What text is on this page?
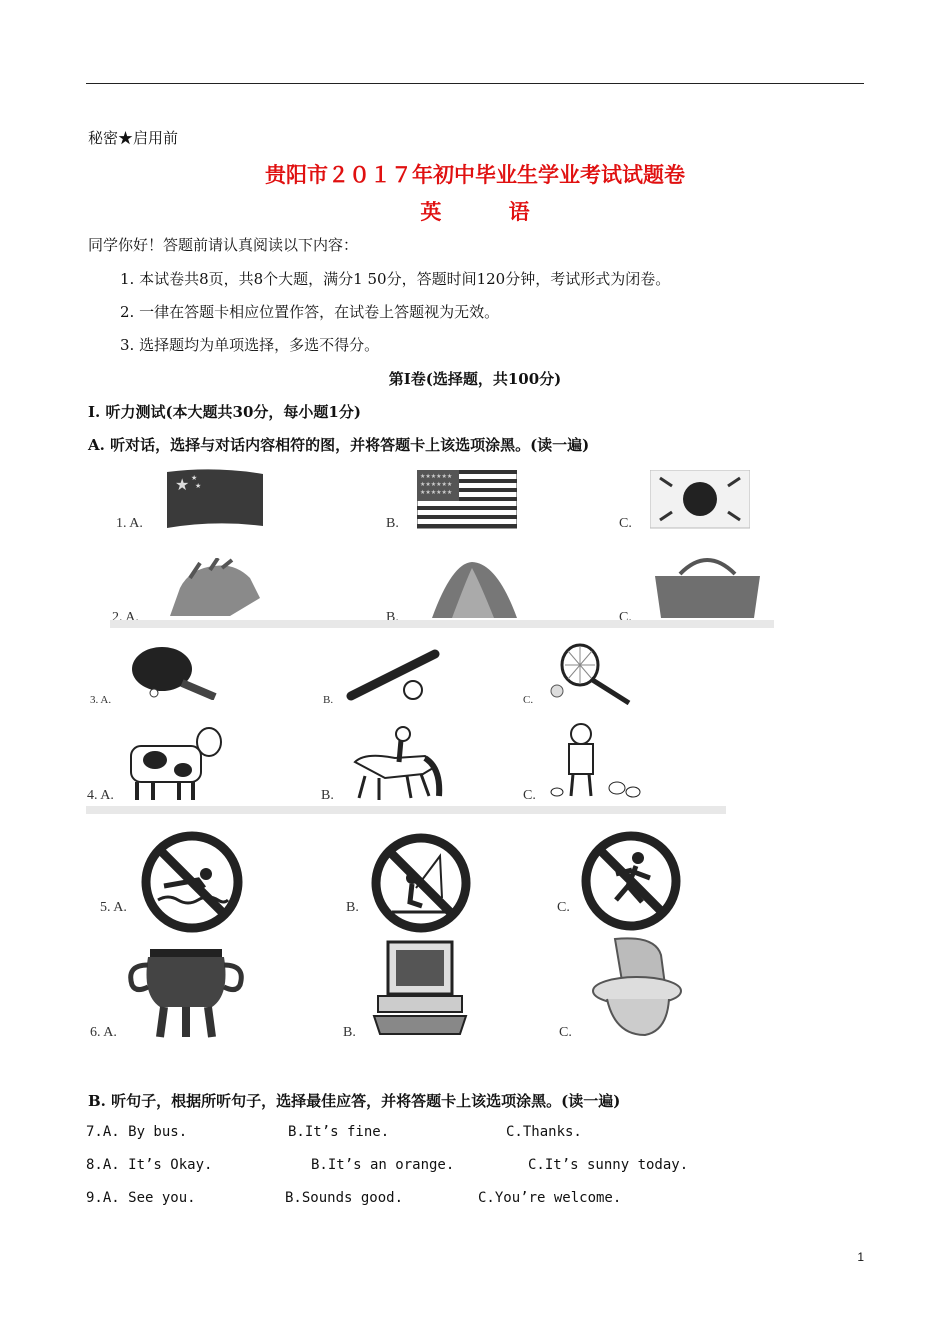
秘密★启用前
贵阳市２０１７年初中毕业生学业考试试题卷
英 语
同学你好！答题前请认真阅读以下内容：
1. 本试卷共8页，共8个大题，满分1 50分，答题时间120分钟，考试形式为闭卷。
2. 一律在答题卡相应位置作答，在试卷上答题视为无效。
3. 选择题均为单项选择，多选不得分。
第Ⅰ卷(选择题，共100分)
I. 听力测试(本大题共30分，每小题1分)
A. 听对话，选择与对话内容相符的图，并将答题卡上该选项涂黑。(读一遍)
1. A.	B.	C.
★ ★
★
★★★★★★
★★★★★★
★★★★★★
2. A.	B.	C.
3. A.	B.	C.
4. A.	B.	C.
5. A.	B.	C.
6. A.	B.	C.
B. 听句子，根据所听句子，选择最佳应答，并将答题卡上该选项涂黑。(读一遍)
7.A. By bus.	B.It’s fine.	C.Thanks.
8.A. It’s Okay.	B.It’s an orange.	C.It’s sunny today.
9.A. See you.	B.Sounds good.	C.You’re welcome.
1
